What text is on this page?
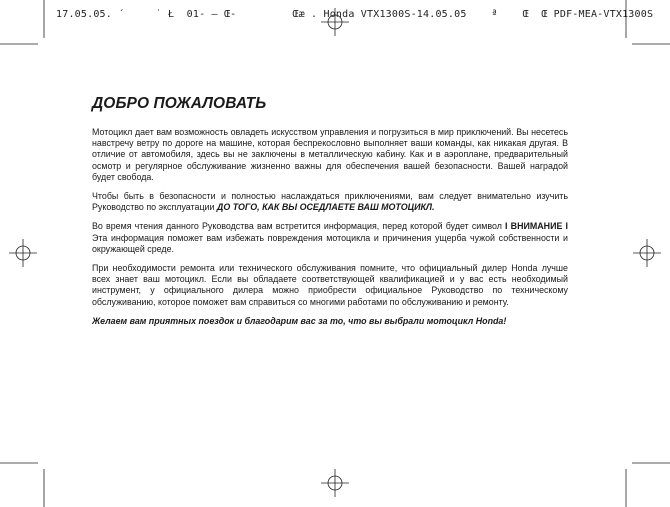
17.05.05. ´     ˙ Ł  01- – Œ-         Œæ . Honda VTX1300S-14.05.05    ª    Œ  Œ PDF-MEA-VTX1300S
ДОБРО ПОЖАЛОВАТЬ

Мотоцикл дает вам возможность овладеть искусством управления и погрузиться в мир приключений. Вы несетесь навстречу ветру по дороге на машине, которая беспрекословно выполняет ваши команды, как никакая другая. В отличие от автомобиля, здесь вы не заключены в металлическую кабину. Как и в аэроплане, предварительный осмотр и регулярное обслуживание жизненно важны для обеспечения вашей безопасности. Вашей наградой будет свобода.

Чтобы быть в безопасности и полностью наслаждаться приключениями, вам следует внимательно изучить Руководство по эксплуатации ДО ТОГО, КАК ВЫ ОСЕДЛАЕТЕ ВАШ МОТОЦИКЛ.

Во время чтения данного Руководства вам встретится информация, перед которой будет символ I ВНИМАНИЕ I Эта информация поможет вам избежать повреждения мотоцикла и причинения ущерба чужой собственности и окружающей среде.

При необходимости ремонта или технического обслуживания помните, что официальный дилер Honda лучше всех знает ваш мотоцикл. Если вы обладаете соответствующей квалификацией и у вас есть необходимый инструмент, у официального дилера можно приобрести официальное Руководство по техническому обслуживанию, которое поможет вам справиться со многими работами по обслуживанию и ремонту.

Желаем вам приятных поездок и благодарим вас за то, что вы выбрали мотоцикл Honda!
